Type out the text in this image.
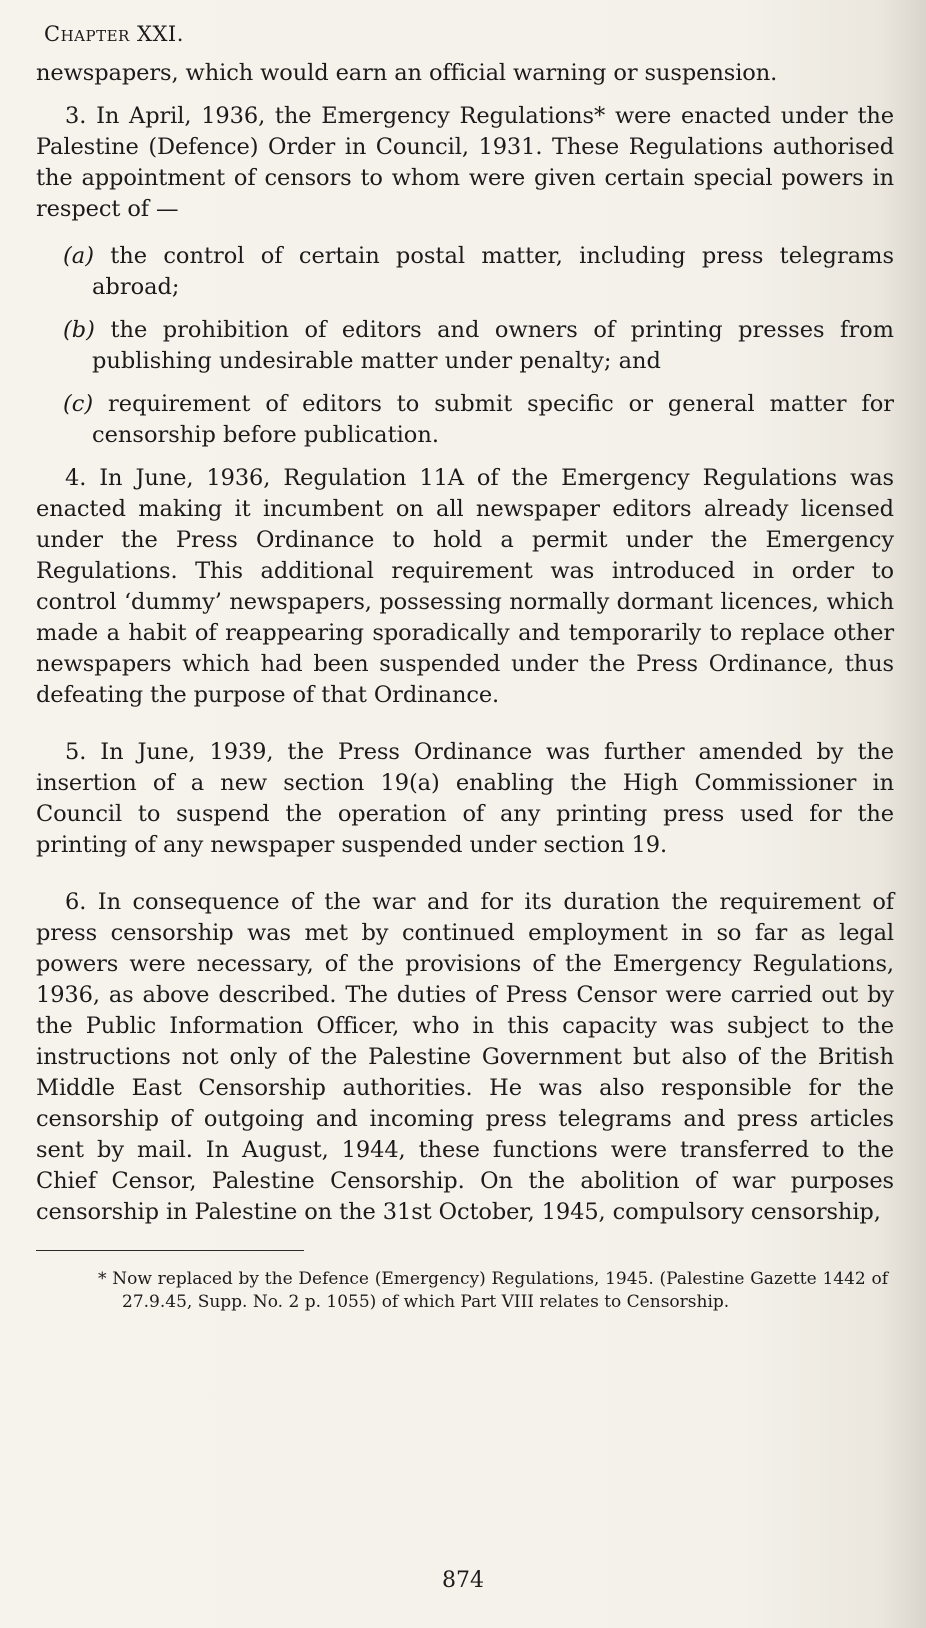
Chapter XXI.

newspapers, which would earn an official warning or suspension.

3. In April, 1936, the Emergency Regulations* were enacted under the Palestine (Defence) Order in Council, 1931. These Regulations authorised the appointment of censors to whom were given certain special powers in respect of —

(a) the control of certain postal matter, including press telegrams abroad;
(b) the prohibition of editors and owners of printing presses from publishing undesirable matter under penalty; and
(c) requirement of editors to submit specific or general matter for censorship before publication.

4. In June, 1936, Regulation 11A of the Emergency Regulations was enacted making it incumbent on all newspaper editors already licensed under the Press Ordinance to hold a permit under the Emergency Regulations. This additional requirement was introduced in order to control ‘dummy’ newspapers, possessing normally dormant licences, which made a habit of reappearing sporadically and temporarily to replace other newspapers which had been suspended under the Press Ordinance, thus defeating the purpose of that Ordinance.

5. In June, 1939, the Press Ordinance was further amended by the insertion of a new section 19(a) enabling the High Commissioner in Council to suspend the operation of any printing press used for the printing of any newspaper suspended under section 19.

6. In consequence of the war and for its duration the requirement of press censorship was met by continued employment in so far as legal powers were necessary, of the provisions of the Emergency Regulations, 1936, as above described. The duties of Press Censor were carried out by the Public Information Officer, who in this capacity was subject to the instructions not only of the Palestine Government but also of the British Middle East Censorship authorities. He was also responsible for the censorship of outgoing and incoming press telegrams and press articles sent by mail. In August, 1944, these functions were transferred to the Chief Censor, Palestine Censorship. On the abolition of war purposes censorship in Palestine on the 31st October, 1945, compulsory censorship,

* Now replaced by the Defence (Emergency) Regulations, 1945. (Palestine Gazette 1442 of 27.9.45, Supp. No. 2 p. 1055) of which Part VIII relates to Censorship.

874
